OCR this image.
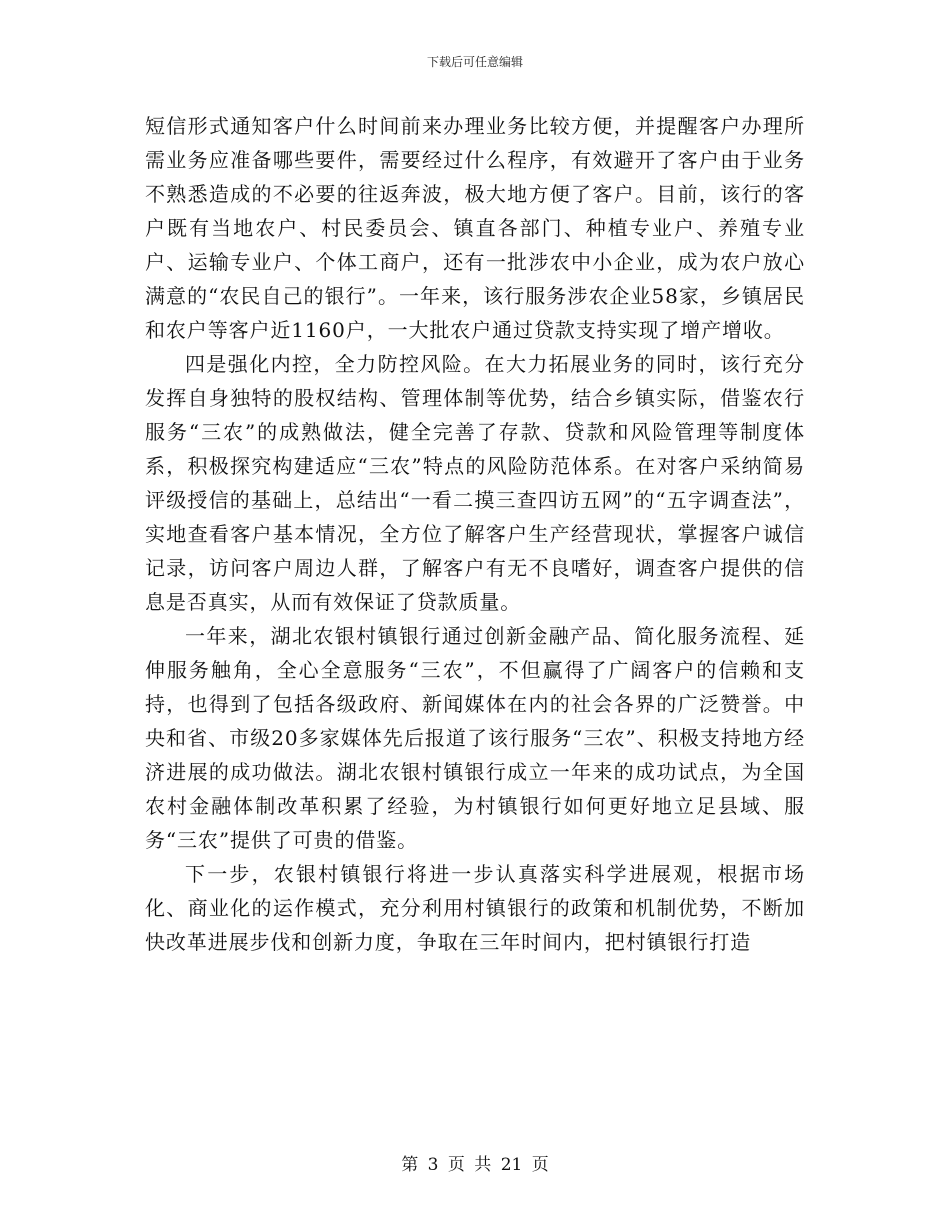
下载后可任意编辑

短信形式通知客户什么时间前来办理业务比较方便，并提醒客户办理所需业务应准备哪些要件，需要经过什么程序，有效避开了客户由于业务不熟悉造成的不必要的往返奔波，极大地方便了客户。目前，该行的客户既有当地农户、村民委员会、镇直各部门、种植专业户、养殖专业户、运输专业户、个体工商户，还有一批涉农中小企业，成为农户放心满意的“农民自己的银行”。一年来，该行服务涉农企业58家，乡镇居民和农户等客户近1160户，一大批农户通过贷款支持实现了增产增收。

四是强化内控，全力防控风险。在大力拓展业务的同时，该行充分发挥自身独特的股权结构、管理体制等优势，结合乡镇实际，借鉴农行服务“三农”的成熟做法，健全完善了存款、贷款和风险管理等制度体系，积极探究构建适应“三农”特点的风险防范体系。在对客户采纳简易评级授信的基础上，总结出“一看二摸三查四访五网”的“五字调查法”，实地查看客户基本情况，全方位了解客户生产经营现状，掌握客户诚信记录，访问客户周边人群，了解客户有无不良嗜好，调查客户提供的信息是否真实，从而有效保证了贷款质量。

一年来，湖北农银村镇银行通过创新金融产品、简化服务流程、延伸服务触角，全心全意服务“三农”，不但赢得了广阔客户的信赖和支持，也得到了包括各级政府、新闻媒体在内的社会各界的广泛赞誉。中央和省、市级20多家媒体先后报道了该行服务“三农”、积极支持地方经济进展的成功做法。湖北农银村镇银行成立一年来的成功试点，为全国农村金融体制改革积累了经验，为村镇银行如何更好地立足县域、服务“三农”提供了可贵的借鉴。

下一步，农银村镇银行将进一步认真落实科学进展观，根据市场化、商业化的运作模式，充分利用村镇银行的政策和机制优势，不断加快改革进展步伐和创新力度，争取在三年时间内，把村镇银行打造

第 3 页 共 21 页
